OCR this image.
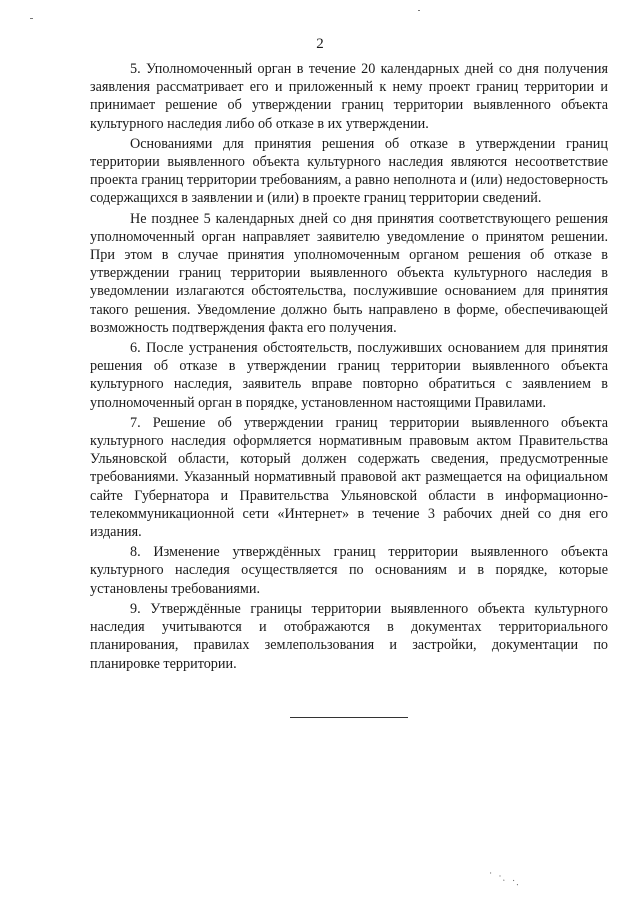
2

5. Уполномоченный орган в течение 20 календарных дней со дня получения заявления рассматривает его и приложенный к нему проект границ территории и принимает решение об утверждении границ территории выявленного объекта культурного наследия либо об отказе в их утверждении.

Основаниями для принятия решения об отказе в утверждении границ территории выявленного объекта культурного наследия являются несоответствие проекта границ территории требованиям, а равно неполнота и (или) недостоверность содержащихся в заявлении и (или) в проекте границ территории сведений.

Не позднее 5 календарных дней со дня принятия соответствующего решения уполномоченный орган направляет заявителю уведомление о принятом решении. При этом в случае принятия уполномоченным органом решения об отказе в утверждении границ территории выявленного объекта культурного наследия в уведомлении излагаются обстоятельства, послужившие основанием для принятия такого решения. Уведомление должно быть направлено в форме, обеспечивающей возможность подтверждения факта его получения.

6. После устранения обстоятельств, послуживших основанием для принятия решения об отказе в утверждении границ территории выявленного объекта культурного наследия, заявитель вправе повторно обратиться с заявлением в уполномоченный орган в порядке, установленном настоящими Правилами.

7. Решение об утверждении границ территории выявленного объекта культурного наследия оформляется нормативным правовым актом Правительства Ульяновской области, который должен содержать сведения, предусмотренные требованиями. Указанный нормативный правовой акт размещается на официальном сайте Губернатора и Правительства Ульяновской области в информационно-телекоммуникационной сети «Интернет» в течение 3 рабочих дней со дня его издания.

8. Изменение утверждённых границ территории выявленного объекта культурного наследия осуществляется по основаниям и в порядке, которые установлены требованиями.

9. Утверждённые границы территории выявленного объекта культурного наследия учитываются и отображаются в документах территориального планирования, правилах землепользования и застройки, документации по планировке территории.

· ·. ·.
